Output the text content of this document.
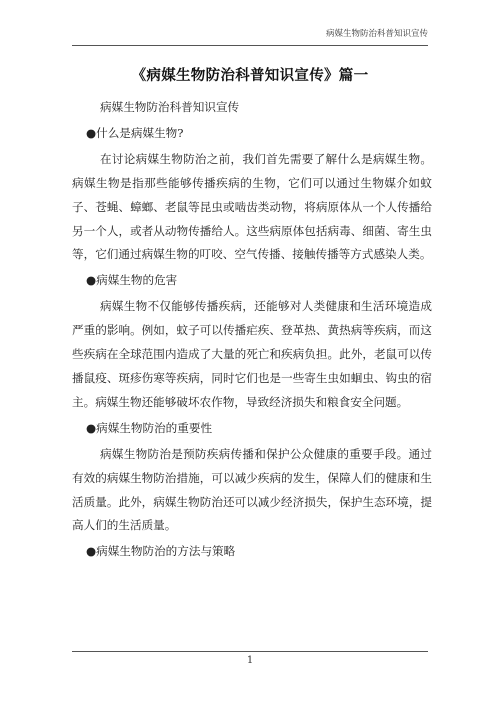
病媒生物防治科普知识宣传
《病媒生物防治科普知识宣传》篇一

病媒生物防治科普知识宣传

●什么是病媒生物?

在讨论病媒生物防治之前，我们首先需要了解什么是病媒生物。病媒生物是指那些能够传播疾病的生物，它们可以通过生物媒介如蚊子、苍蝇、蟑螂、老鼠等昆虫或啮齿类动物，将病原体从一个人传播给另一个人，或者从动物传播给人。这些病原体包括病毒、细菌、寄生虫等，它们通过病媒生物的叮咬、空气传播、接触传播等方式感染人类。

●病媒生物的危害

病媒生物不仅能够传播疾病，还能够对人类健康和生活环境造成严重的影响。例如，蚊子可以传播疟疾、登革热、黄热病等疾病，而这些疾病在全球范围内造成了大量的死亡和疾病负担。此外，老鼠可以传播鼠疫、斑疹伤寒等疾病，同时它们也是一些寄生虫如蛔虫、钩虫的宿主。病媒生物还能够破坏农作物，导致经济损失和粮食安全问题。

●病媒生物防治的重要性

病媒生物防治是预防疾病传播和保护公众健康的重要手段。通过有效的病媒生物防治措施，可以减少疾病的发生，保障人们的健康和生活质量。此外，病媒生物防治还可以减少经济损失，保护生态环境，提高人们的生活质量。

●病媒生物防治的方法与策略

1
